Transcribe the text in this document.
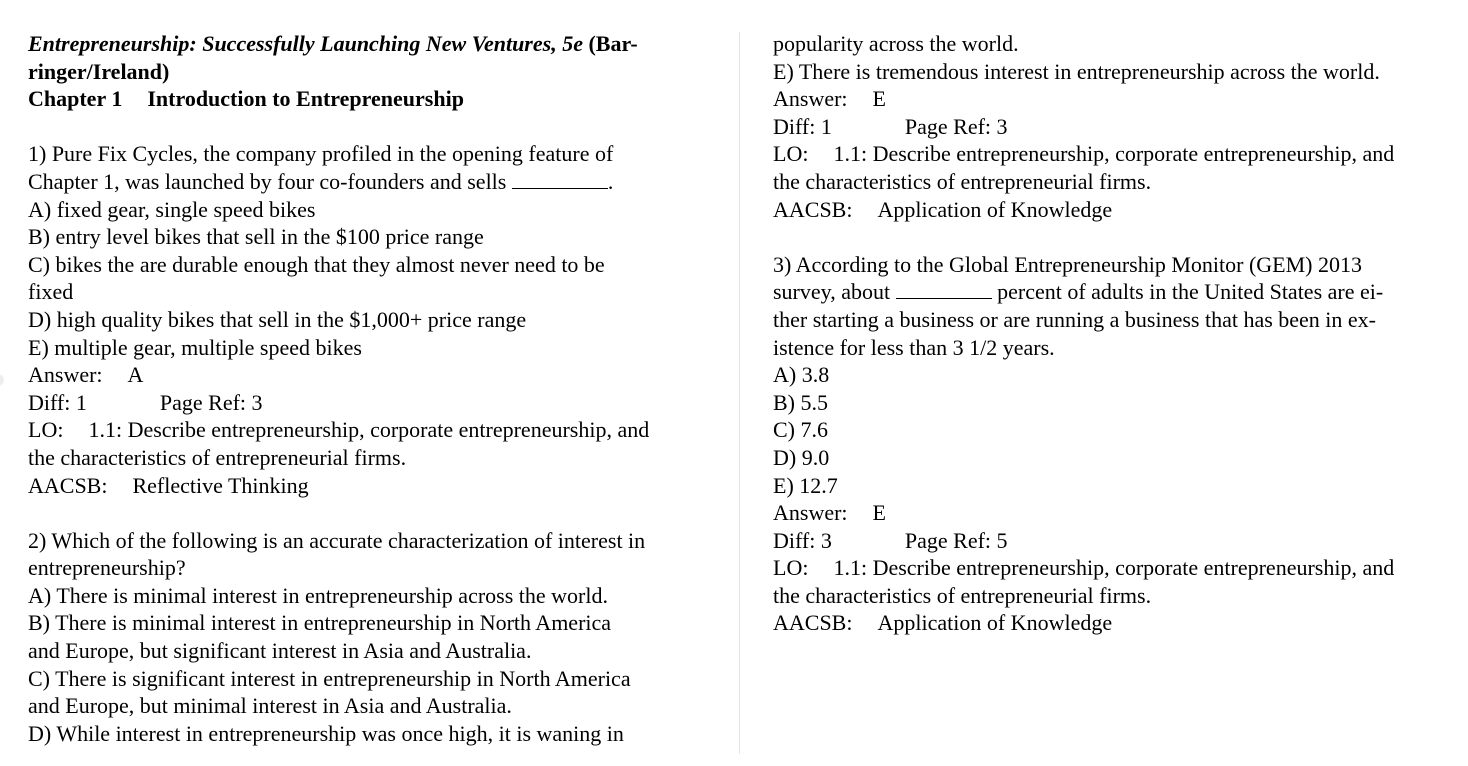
Entrepreneurship: Successfully Launching New Ventures, 5e (Bar-
ringer/Ireland)
Chapter 1 Introduction to Entrepreneurship
1) Pure Fix Cycles, the company profiled in the opening feature of
Chapter 1, was launched by four co-founders and sells	.
A) fixed gear, single speed bikes
B) entry level bikes that sell in the $100 price range
C) bikes the are durable enough that they almost never need to be
fixed
D) high quality bikes that sell in the $1,000+ price range
E) multiple gear, multiple speed bikes
Answer: A
Diff: 1	Page Ref: 3
LO: 1.1: Describe entrepreneurship, corporate entrepreneurship, and
the characteristics of entrepreneurial firms.
AACSB: Reflective Thinking
2) Which of the following is an accurate characterization of interest in
entrepreneurship?
A) There is minimal interest in entrepreneurship across the world.
B) There is minimal interest in entrepreneurship in North America
and Europe, but significant interest in Asia and Australia.
C) There is significant interest in entrepreneurship in North America
and Europe, but minimal interest in Asia and Australia.
D) While interest in entrepreneurship was once high, it is waning in
popularity across the world.
E) There is tremendous interest in entrepreneurship across the world.
Answer: E
Diff: 1	Page Ref: 3
LO: 1.1: Describe entrepreneurship, corporate entrepreneurship, and
the characteristics of entrepreneurial firms.
AACSB: Application of Knowledge
3) According to the Global Entrepreneurship Monitor (GEM) 2013
survey, about	percent of adults in the United States are ei-
ther starting a business or are running a business that has been in ex-
istence for less than 3 1/2 years.
A) 3.8
B) 5.5
C) 7.6
D) 9.0
E) 12.7
Answer: E
Diff: 3	Page Ref: 5
LO: 1.1: Describe entrepreneurship, corporate entrepreneurship, and
the characteristics of entrepreneurial firms.
AACSB: Application of Knowledge
